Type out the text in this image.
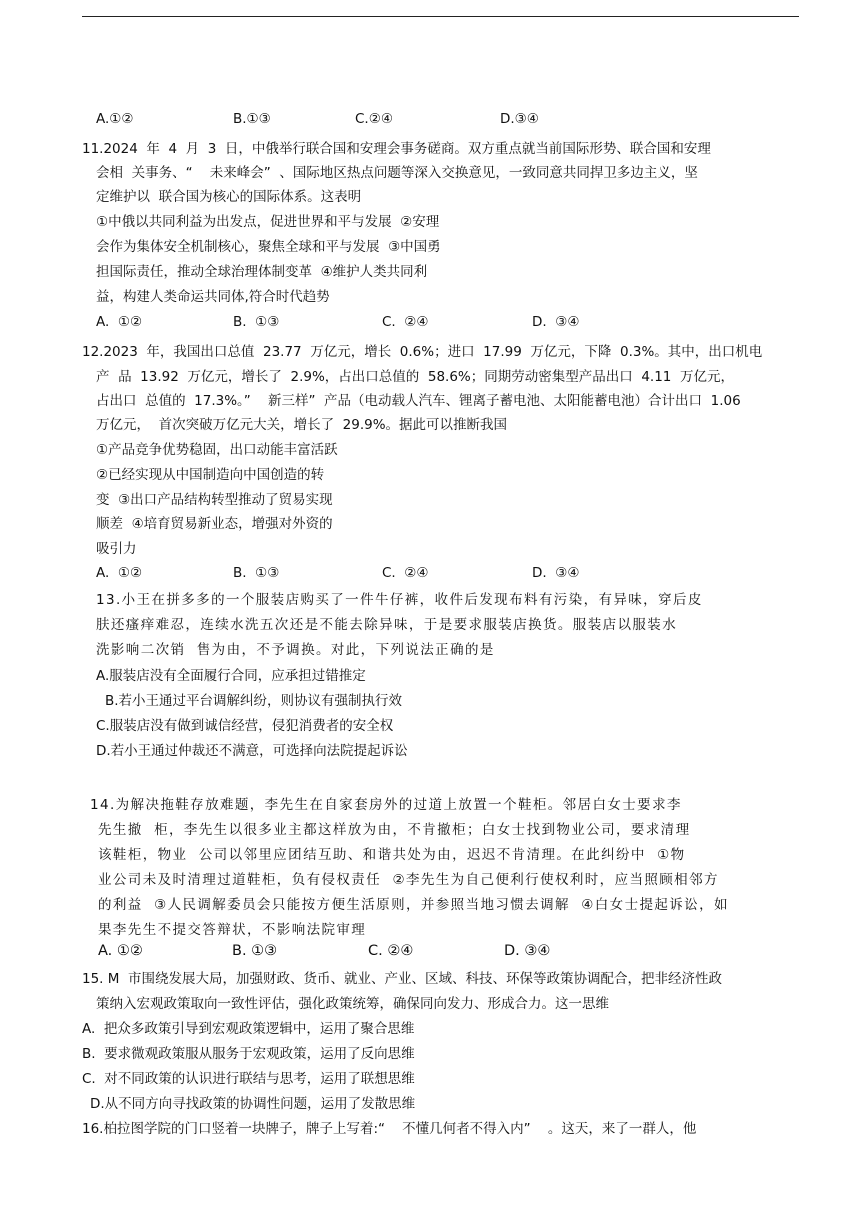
A.①②	B.①③	C.②④	D.③④
11.2024  年  4  月  3  日，中俄举行联合国和安理会事务磋商。双方重点就当前国际形势、联合国和安理
会相  关事务、“    未来峰会”  、国际地区热点问题等深入交换意见，一致同意共同捍卫多边主义，坚
定维护以  联合国为核心的国际体系。这表明
①中俄以共同利益为出发点，促进世界和平与发展  ②安理
会作为集体安全机制核心，聚焦全球和平与发展  ③中国勇
担国际责任，推动全球治理体制变革  ④维护人类共同利
益，构建人类命运共同体,符合时代趋势
A.  ①②	B.  ①③	C.  ②④	D.  ③④
12.2023  年，我国出口总值  23.77  万亿元，增长  0.6%；进口  17.99  万亿元，下降  0.3%。其中，出口机电
产  品  13.92  万亿元，增长了  2.9%，占出口总值的  58.6%；同期劳动密集型产品出口  4.11  万亿元，
占出口  总值的  17.3%。”    新三样”  产品（电动载人汽车、锂离子蓄电池、太阳能蓄电池）合计出口  1.06
万亿元，  首次突破万亿元大关，增长了  29.9%。据此可以推断我国
①产品竞争优势稳固，出口动能丰富活跃
②已经实现从中国制造向中国创造的转
变  ③出口产品结构转型推动了贸易实现
顺差  ④培育贸易新业态，增强对外资的
吸引力
A.  ①②	B.  ①③	C.  ②④	D.  ③④
13.小王在拼多多的一个服装店购买了一件牛仔裤，收件后发现布料有污染，有异味，穿后皮
肤还瘙痒难忍，连续水洗五次还是不能去除异味，于是要求服装店换货。服装店以服装水
洗影响二次销  售为由，不予调换。对此，下列说法正确的是
A.服装店没有全面履行合同，应承担过错推定
B.若小王通过平台调解纠纷，则协议有强制执行效
C.服装店没有做到诚信经营，侵犯消费者的安全权
D.若小王通过仲裁还不满意，可选择向法院提起诉讼
14.为解决拖鞋存放难题，李先生在自家套房外的过道上放置一个鞋柜。邻居白女士要求李
先生撤  柜，李先生以很多业主都这样放为由，不肯撤柜；白女士找到物业公司，要求清理
该鞋柜，物业  公司以邻里应团结互助、和谐共处为由，迟迟不肯清理。在此纠纷中  ①物
业公司未及时清理过道鞋柜，负有侵权责任  ②李先生为自己便利行使权利时，应当照顾相邻方
的利益  ③人民调解委员会只能按方便生活原则，并参照当地习惯去调解  ④白女士提起诉讼，如
果李先生不提交答辩状，不影响法院审理
A. ①②	B. ①③	C. ②④	D. ③④
15. M  市围绕发展大局，加强财政、货币、就业、产业、区域、科技、环保等政策协调配合，把非经济性政
策纳入宏观政策取向一致性评估，强化政策统筹，确保同向发力、形成合力。这一思维
A.  把众多政策引导到宏观政策逻辑中，运用了聚合思维
B.  要求微观政策服从服务于宏观政策，运用了反向思维
C.  对不同政策的认识进行联结与思考，运用了联想思维
D.从不同方向寻找政策的协调性问题，运用了发散思维
16.柏拉图学院的门口竖着一块牌子，牌子上写着:“    不懂几何者不得入内”    。这天，来了一群人，他
